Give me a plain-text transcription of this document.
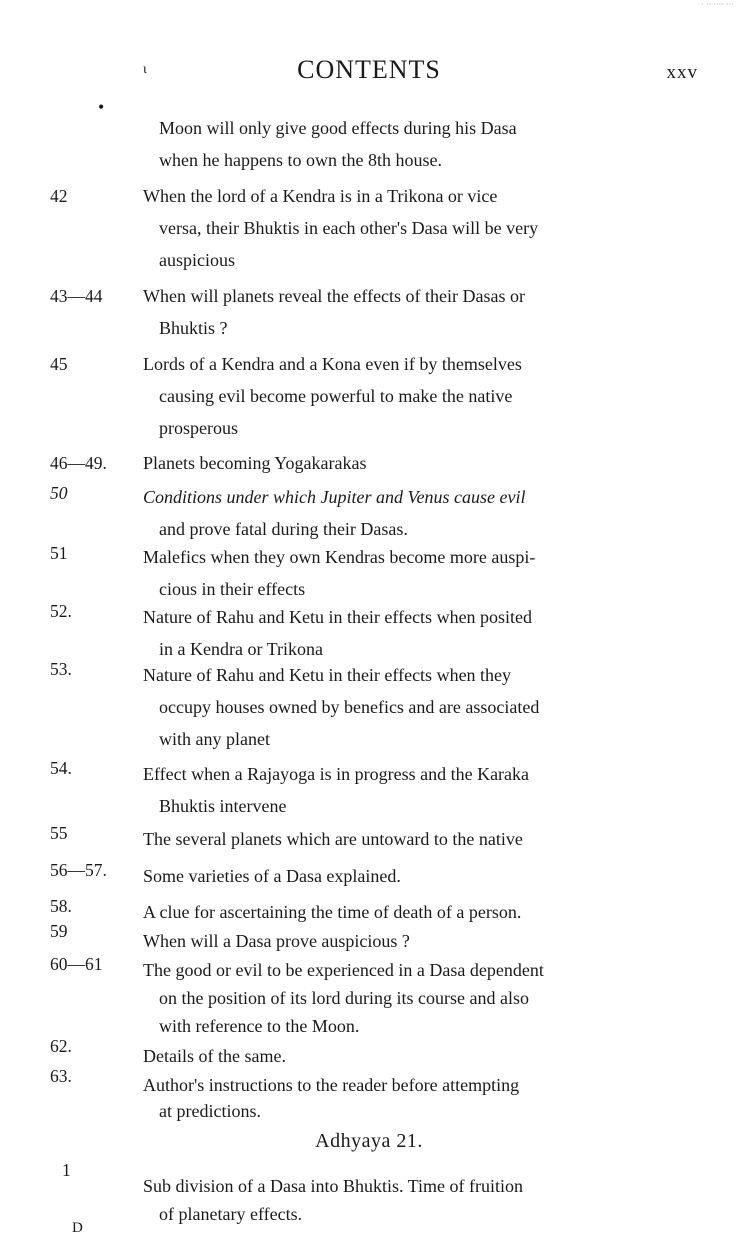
· ·· ···· ···
ɩ	CONTENTS	xxv
•
Moon will only give good effects during his Dasa
when he happens to own the 8th house.
42	When the lord of a Kendra is in a Trikona or vice
versa, their Bhuktis in each other's Dasa will be very
auspicious
43—44 When will planets reveal the effects of their Dasas or
Bhuktis ?
45	Lords of a Kendra and a Kona even if by themselves
causing evil become powerful to make the native
prosperous
46—49. Planets becoming Yogakarakas
50	Conditions under which Jupiter and Venus cause evil
and prove fatal during their Dasas.
51	Malefics when they own Kendras become more auspi-
cious in their effects
52.	Nature of Rahu and Ketu in their effects when posited
in a Kendra or Trikona
53.	Nature of Rahu and Ketu in their effects when they
occupy houses owned by benefics and are associated
with any planet
54.	Effect when a Rajayoga is in progress and the Karaka
Bhuktis intervene
55	The several planets which are untoward to the native
56—57. Some varieties of a Dasa explained.
58.	A clue for ascertaining the time of death of a person.
59	When will a Dasa prove auspicious ?
60—61 The good or evil to be experienced in a Dasa dependent
on the position of its lord during its course and also
with reference to the Moon.
62.	Details of the same.
63.	Author's instructions to the reader before attempting
at predictions.
Adhyaya 21.
1
Sub division of a Dasa into Bhuktis. Time of fruition
of planetary effects.
D
